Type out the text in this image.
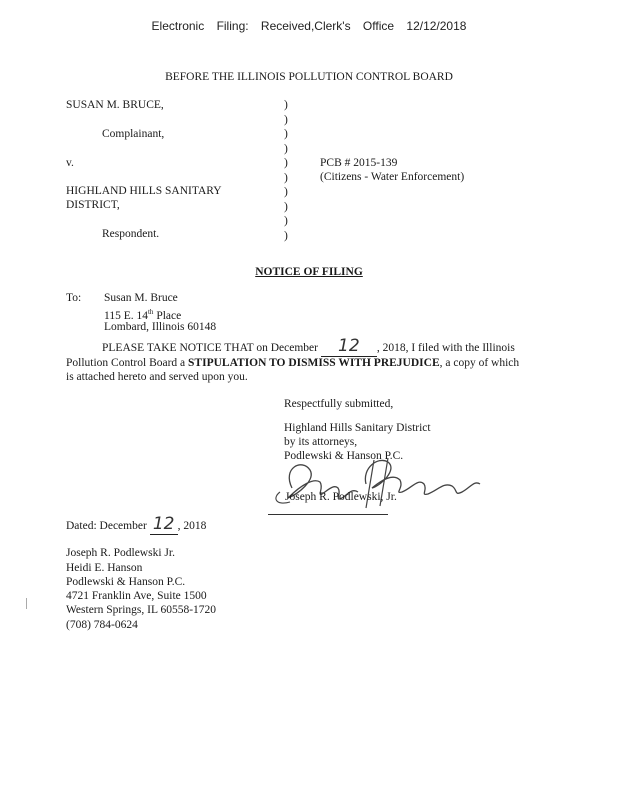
Electronic Filing: Received,Clerk's Office 12/12/2018
BEFORE THE ILLINOIS POLLUTION CONTROL BOARD
SUSAN M. BRUCE,
Complainant,
v.
HIGHLAND HILLS SANITARY
DISTRICT,
Respondent.
)
)
)
)
)
)
)
)
)
)
PCB # 2015-139
(Citizens - Water Enforcement)
NOTICE OF FILING
To: Susan M. Bruce
115 E. 14th Place
Lombard, Illinois 60148
PLEASE TAKE NOTICE THAT on December 12 , 2018, I filed with the Illinois
Pollution Control Board a STIPULATION TO DISMISS WITH PREJUDICE, a copy of which
is attached hereto and served upon you.
Respectfully submitted,
Highland Hills Sanitary District
by its attorneys,
Podlewski & Hanson P.C.
Joseph R. Podlewski, Jr.
Dated: December 12 , 2018
Joseph R. Podlewski Jr.
Heidi E. Hanson
Podlewski & Hanson P.C.
4721 Franklin Ave, Suite 1500
Western Springs, IL 60558-1720
(708) 784-0624
